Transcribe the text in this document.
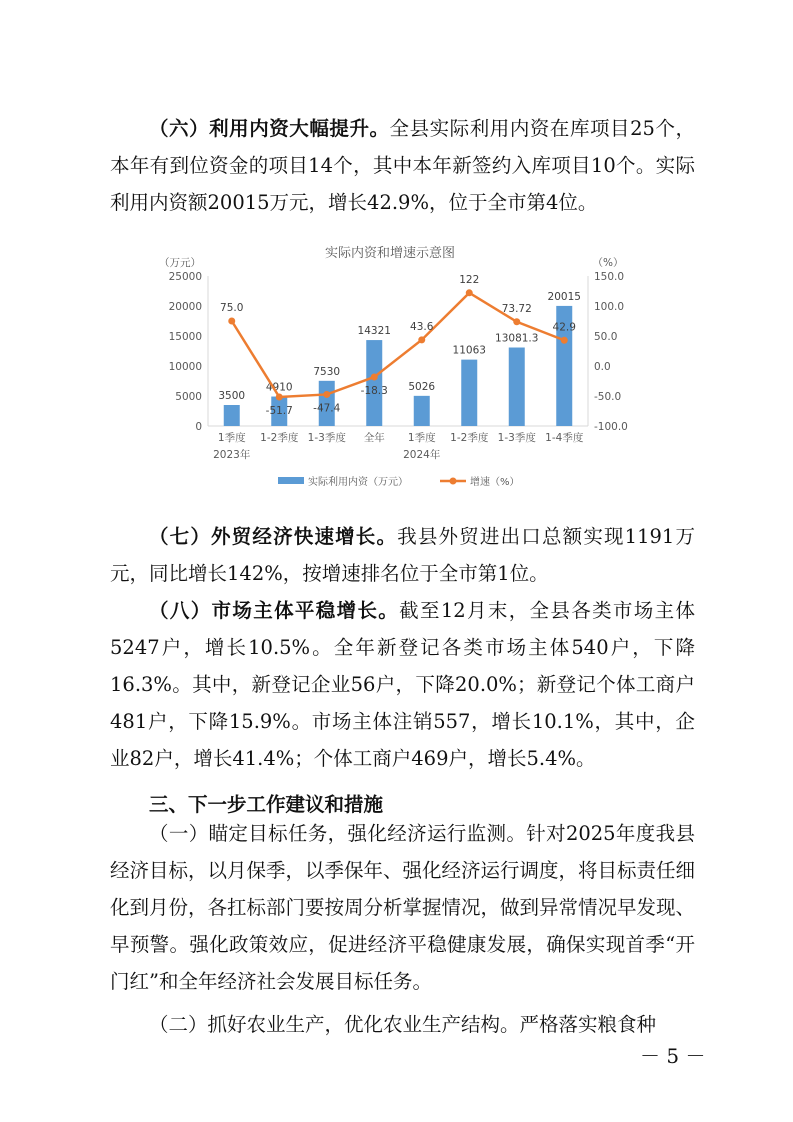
（六）利用内资大幅提升。全县实际利用内资在库项目25个，本年有到位资金的项目14个，其中本年新签约入库项目10个。实际利用内资额20015万元，增长42.9%，位于全市第4位。

实际内资和增速示意图
（万元）	（%）
0
5000
10000
15000
20000
25000
-100.0
-50.0
0.0
50.0
100.0
150.0
3500
4910
7530
14321
5026
11063
13081.3
20015
75.0
-51.7 -47.4
-18.3
43.6
122
73.72
42.9
1季度 1-2季度 1-3季度 全年 1季度 1-2季度 1-3季度 1-4季度
2023年	2024年
实际利用内资（万元）	增速（%）

（七）外贸经济快速增长。我县外贸进出口总额实现1191万元，同比增长142%，按增速排名位于全市第1位。

（八）市场主体平稳增长。截至12月末，全县各类市场主体5247户，增长10.5%。全年新登记各类市场主体540户，下降16.3%。其中，新登记企业56户，下降20.0%；新登记个体工商户481户，下降15.9%。市场主体注销557，增长10.1%，其中，企业82户，增长41.4%；个体工商户469户，增长5.4%。

三、下一步工作建议和措施

（一）瞄定目标任务，强化经济运行监测。针对2025年度我县经济目标，以月保季，以季保年、强化经济运行调度，将目标责任细化到月份，各扛标部门要按周分析掌握情况，做到异常情况早发现、早预警。强化政策效应，促进经济平稳健康发展，确保实现首季“开门红”和全年经济社会发展目标任务。

（二）抓好农业生产，优化农业生产结构。严格落实粮食种

－ 5 －
